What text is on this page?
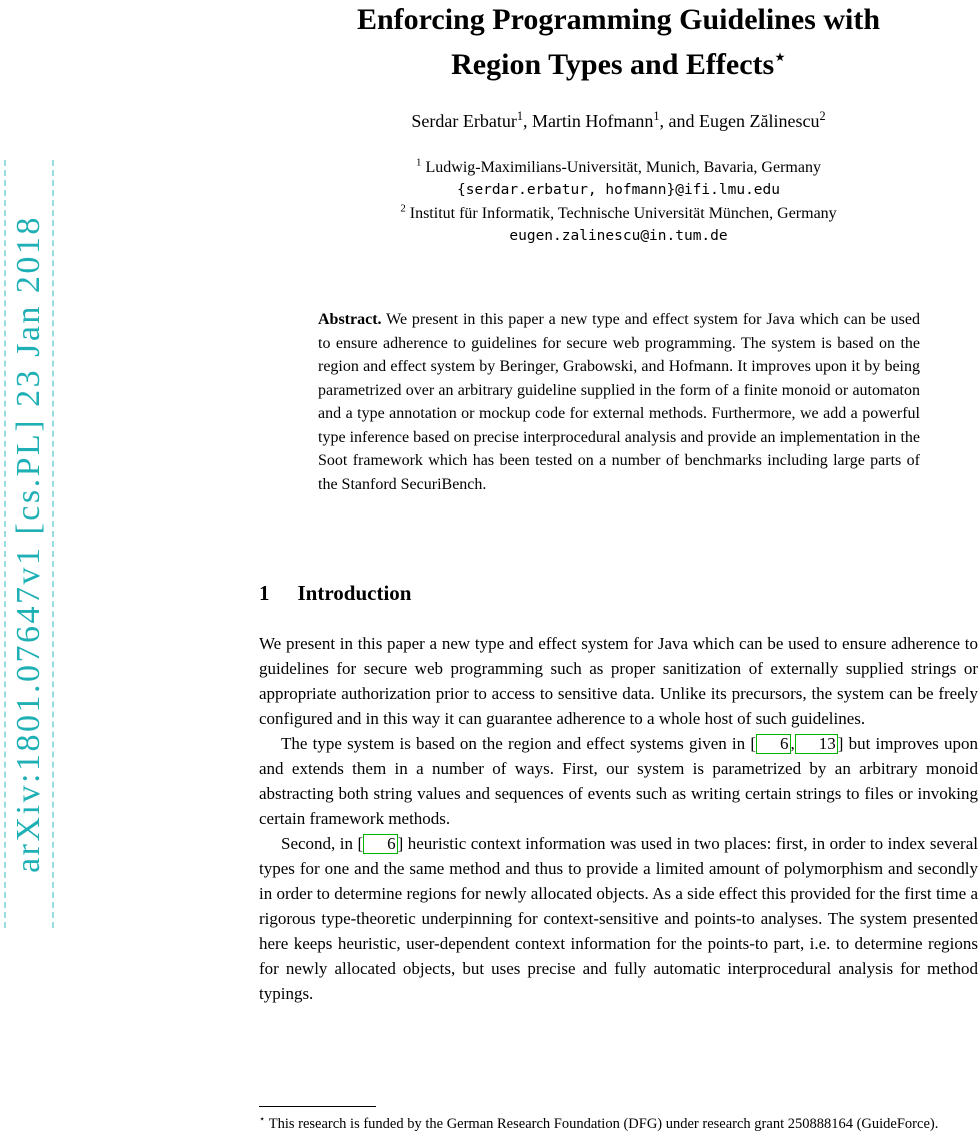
arXiv:1801.07647v1 [cs.PL] 23 Jan 2018
Enforcing Programming Guidelines with
Region Types and Effects⋆
Serdar Erbatur$^1$, Martin Hofmann$^1$, and Eugen Zălinescu$^2$
$^1$ Ludwig-Maximilians-Universität, Munich, Bavaria, Germany
{serdar.erbatur, hofmann}@ifi.lmu.edu
$^2$ Institut für Informatik, Technische Universität München, Germany
eugen.zalinescu@in.tum.de
Abstract. We present in this paper a new type and effect system for Java which can be used to ensure adherence to guidelines for secure web programming. The system is based on the region and effect system by Beringer, Grabowski, and Hofmann. It improves upon it by being parametrized over an arbitrary guideline supplied in the form of a finite monoid or automaton and a type annotation or mockup code for external methods. Furthermore, we add a powerful type inference based on precise interprocedural analysis and provide an implementation in the Soot framework which has been tested on a number of benchmarks including large parts of the Stanford SecuriBench.
1 Introduction

We present in this paper a new type and effect system for Java which can be used to ensure adherence to guidelines for secure web programming such as proper sanitization of externally supplied strings or appropriate authorization prior to access to sensitive data. Unlike its precursors, the system can be freely configured and in this way it can guarantee adherence to a whole host of such guidelines.

The type system is based on the region and effect systems given in [ 6 , 13 ] but improves upon and extends them in a number of ways. First, our system is parametrized by an arbitrary monoid abstracting both string values and sequences of events such as writing certain strings to files or invoking certain framework methods.

Second, in [ 6 ] heuristic context information was used in two places: first, in order to index several types for one and the same method and thus to provide a limited amount of polymorphism and secondly in order to determine regions for newly allocated objects. As a side effect this provided for the first time a rigorous type-theoretic underpinning for context-sensitive and points-to analyses. The system presented here keeps heuristic, user-dependent context information for the points-to part, i.e. to determine regions for newly allocated objects, but uses precise and fully automatic interprocedural analysis for method typings.

⋆ This research is funded by the German Research Foundation (DFG) under research grant 250888164 (GuideForce).
